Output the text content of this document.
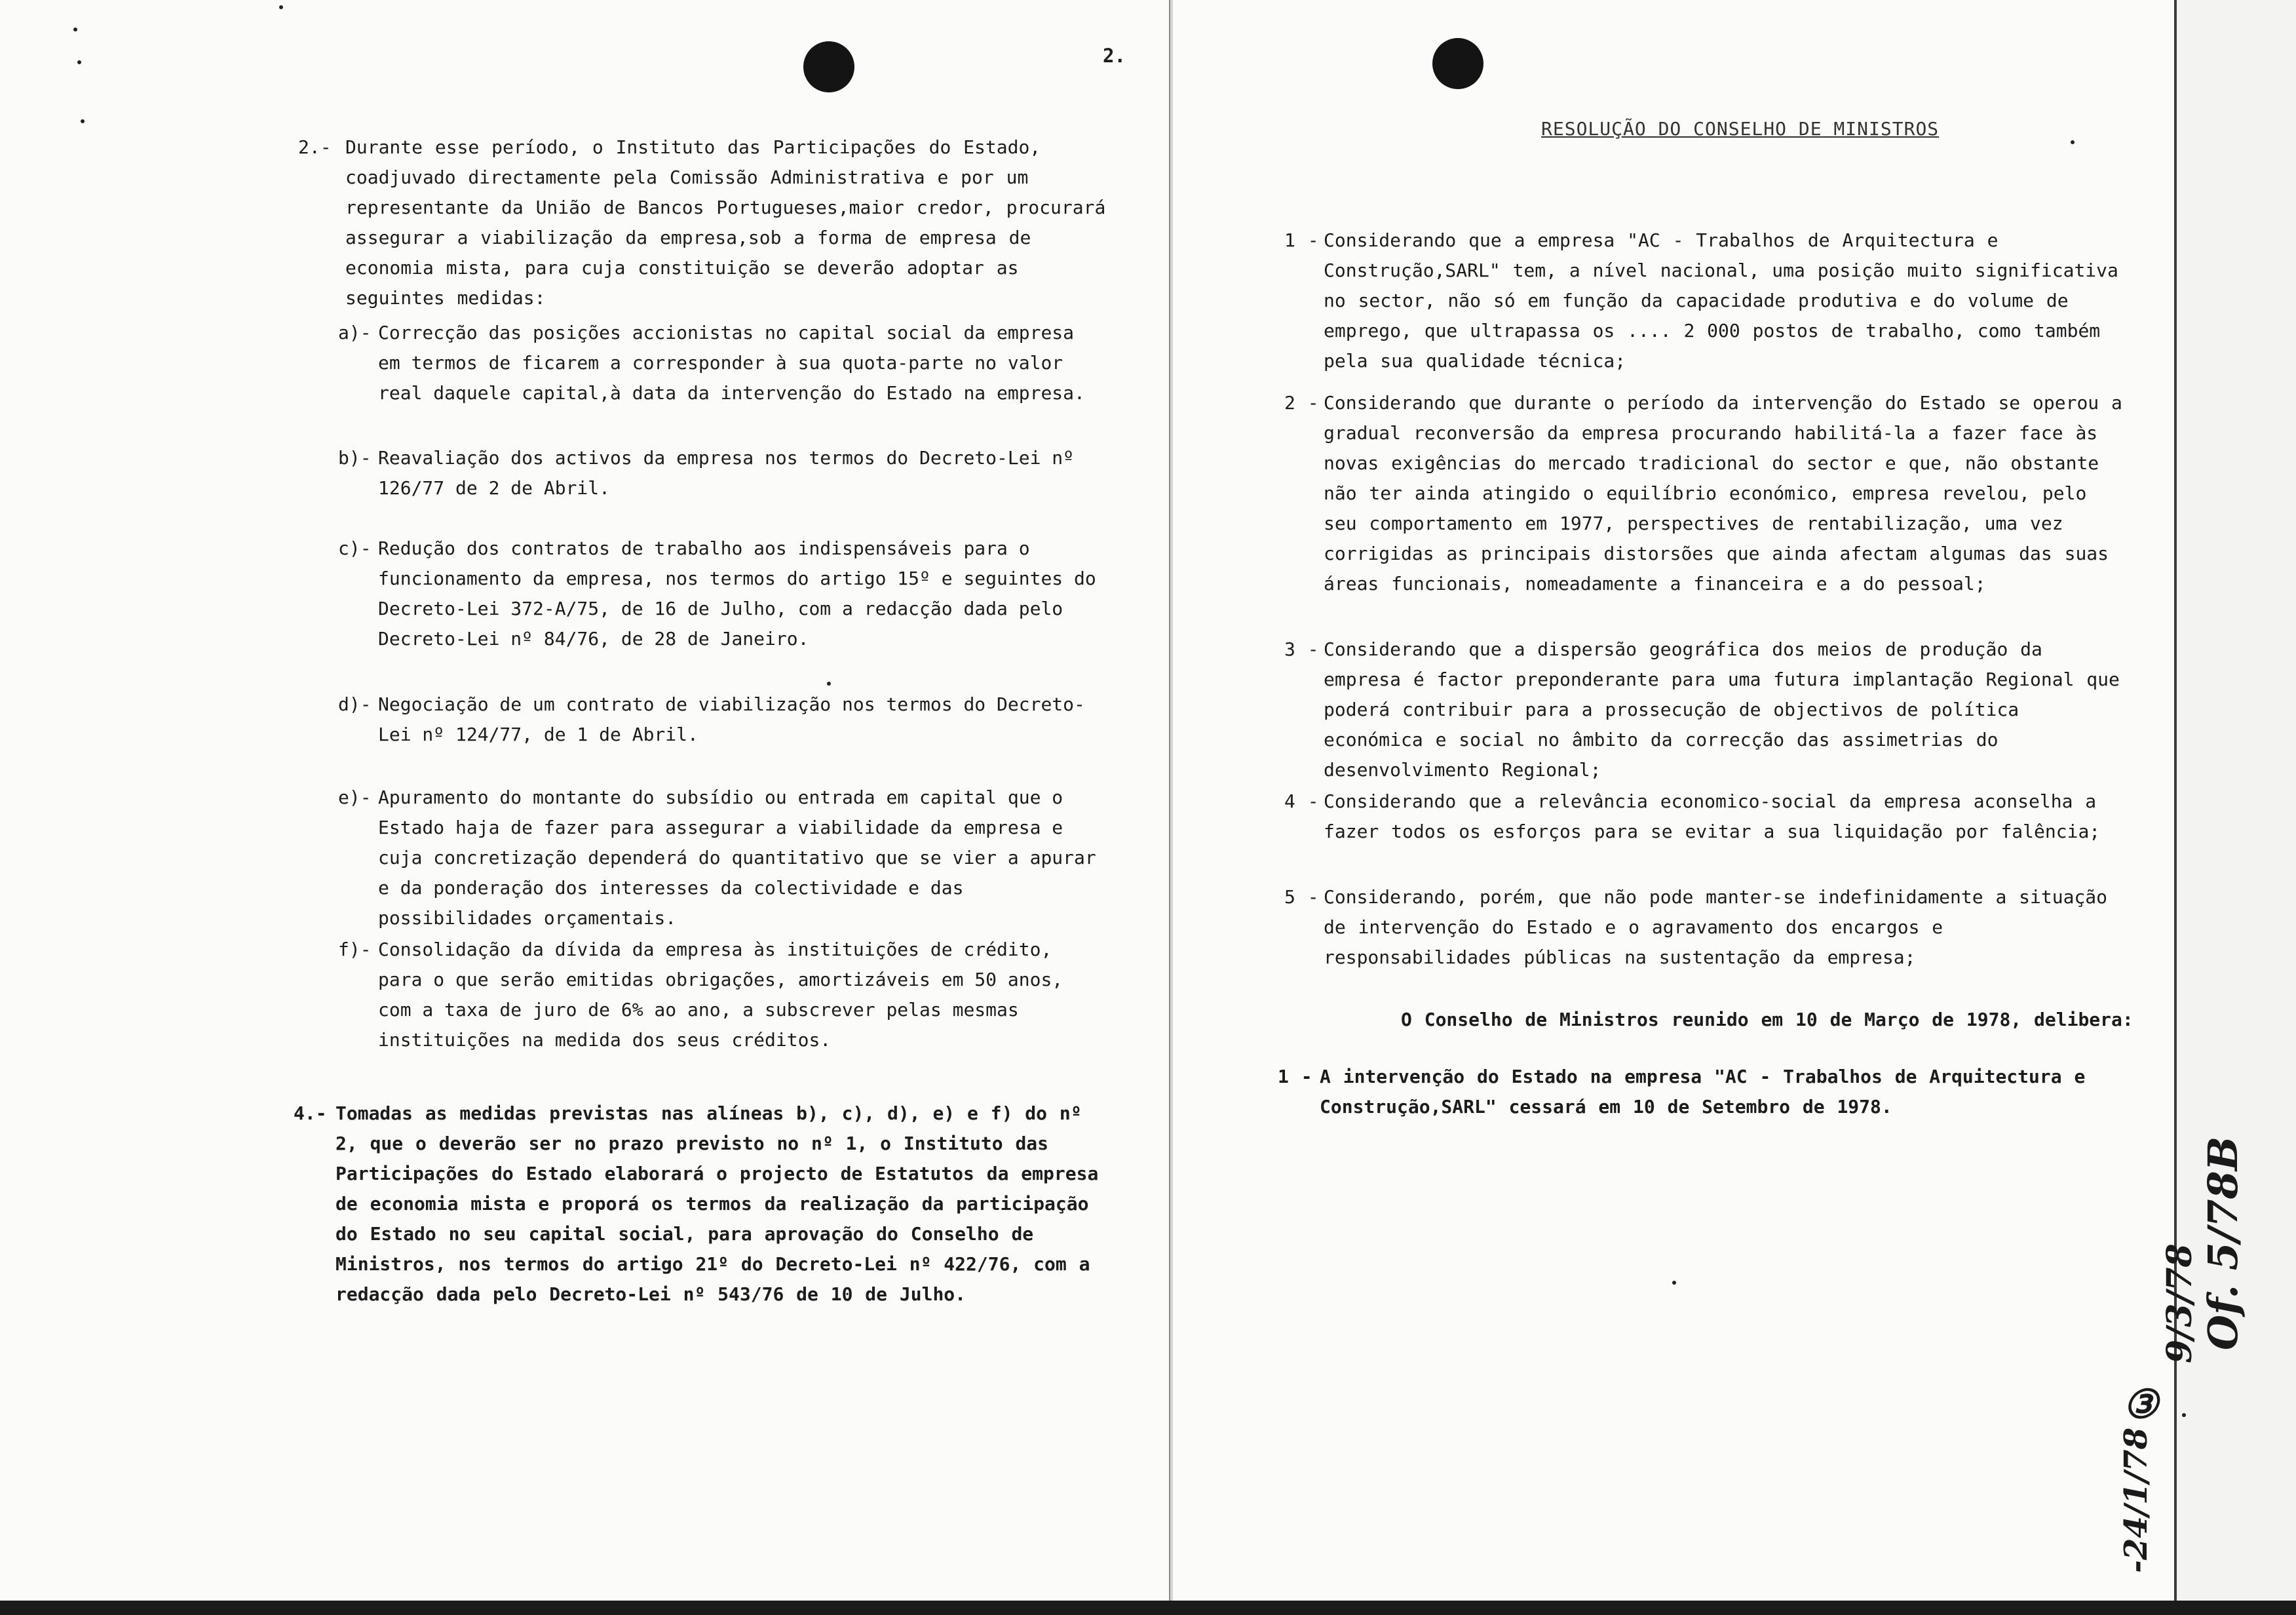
2.
2.- Durante esse período, o Instituto das Participações do Estado, coadjuvado directamente pela Comissão Administrativa e por um representante da União de Bancos Portugueses,maior credor, procurará assegurar a viabilização da empresa,sob a forma de empresa de economia mista, para cuja constituição se deverão adoptar as seguintes medidas:
a)- Correcção das posições accionistas no capital social da empresa em termos de ficarem a corresponder à sua quota-parte no valor real daquele capital,à data da intervenção do Estado na empresa.
b)- Reavaliação dos activos da empresa nos termos do Decreto-Lei nº 126/77 de 2 de Abril.
c)- Redução dos contratos de trabalho aos indispensáveis para o funcionamento da empresa, nos termos do artigo 15º e seguintes do Decreto-Lei 372-A/75, de 16 de Julho, com a redacção dada pelo Decreto-Lei nº 84/76, de 28 de Janeiro.
d)- Negociação de um contrato de viabilização nos termos do Decreto-Lei nº 124/77, de 1 de Abril.
e)- Apuramento do montante do subsídio ou entrada em capital que o Estado haja de fazer para assegurar a viabilidade da empresa e cuja concretização dependerá do quantitativo que se vier a apurar e da ponderação dos interesses da colectividade e das possibilidades orçamentais.
f)- Consolidação da dívida da empresa às instituições de crédito, para o que serão emitidas obrigações, amortizáveis em 50 anos, com a taxa de juro de 6% ao ano, a subscrever pelas mesmas instituições na medida dos seus créditos.
4.- Tomadas as medidas previstas nas alíneas b), c), d), e) e f) do nº 2, que o deverão ser no prazo previsto no nº 1, o Instituto das Participações do Estado elaborará o projecto de Estatutos da empresa de economia mista e proporá os termos da realização da participação do Estado no seu capital social, para aprovação do Conselho de Ministros, nos termos do artigo 21º do Decreto-Lei nº 422/76, com a redacção dada pelo Decreto-Lei nº 543/76 de 10 de Julho.
RESOLUÇÃO DO CONSELHO DE MINISTROS
1 - Considerando que a empresa "AC - Trabalhos de Arquitectura e Construção,SARL" tem, a nível nacional, uma posição muito significativa no sector, não só em função da capacidade produtiva e do volume de emprego, que ultrapassa os .... 2 000 postos de trabalho, como também pela sua qualidade técnica;
2 - Considerando que durante o período da intervenção do Estado se operou a gradual reconversão da empresa procurando habilitá-la a fazer face às novas exigências do mercado tradicional do sector e que, não obstante não ter ainda atingido o equilíbrio económico, empresa revelou, pelo seu comportamento em 1977, perspectives de rentabilização, uma vez corrigidas as principais distorsões que ainda afectam algumas das suas áreas funcionais, nomeadamente a financeira e a do pessoal;
3 - Considerando que a dispersão geográfica dos meios de produção da empresa é factor preponderante para uma futura implantação Regional que poderá contribuir para a prossecução de objectivos de política económica e social no âmbito da correcção das assimetrias do desenvolvimento Regional;
4 - Considerando que a relevância economico-social da empresa aconselha a fazer todos os esforços para se evitar a sua liquidação por falência;
5 - Considerando, porém, que não pode manter-se indefinidamente a situação de intervenção do Estado e o agravamento dos encargos e responsabilidades públicas na sustentação da empresa;
O Conselho de Ministros reunido em 10 de Março de 1978, delibera:
1 - A intervenção do Estado na empresa "AC - Trabalhos de Arquitectura e Construção,SARL" cessará em 10 de Setembro de 1978.
Of. 5/78B
9/3/78
-24/1/78
③
